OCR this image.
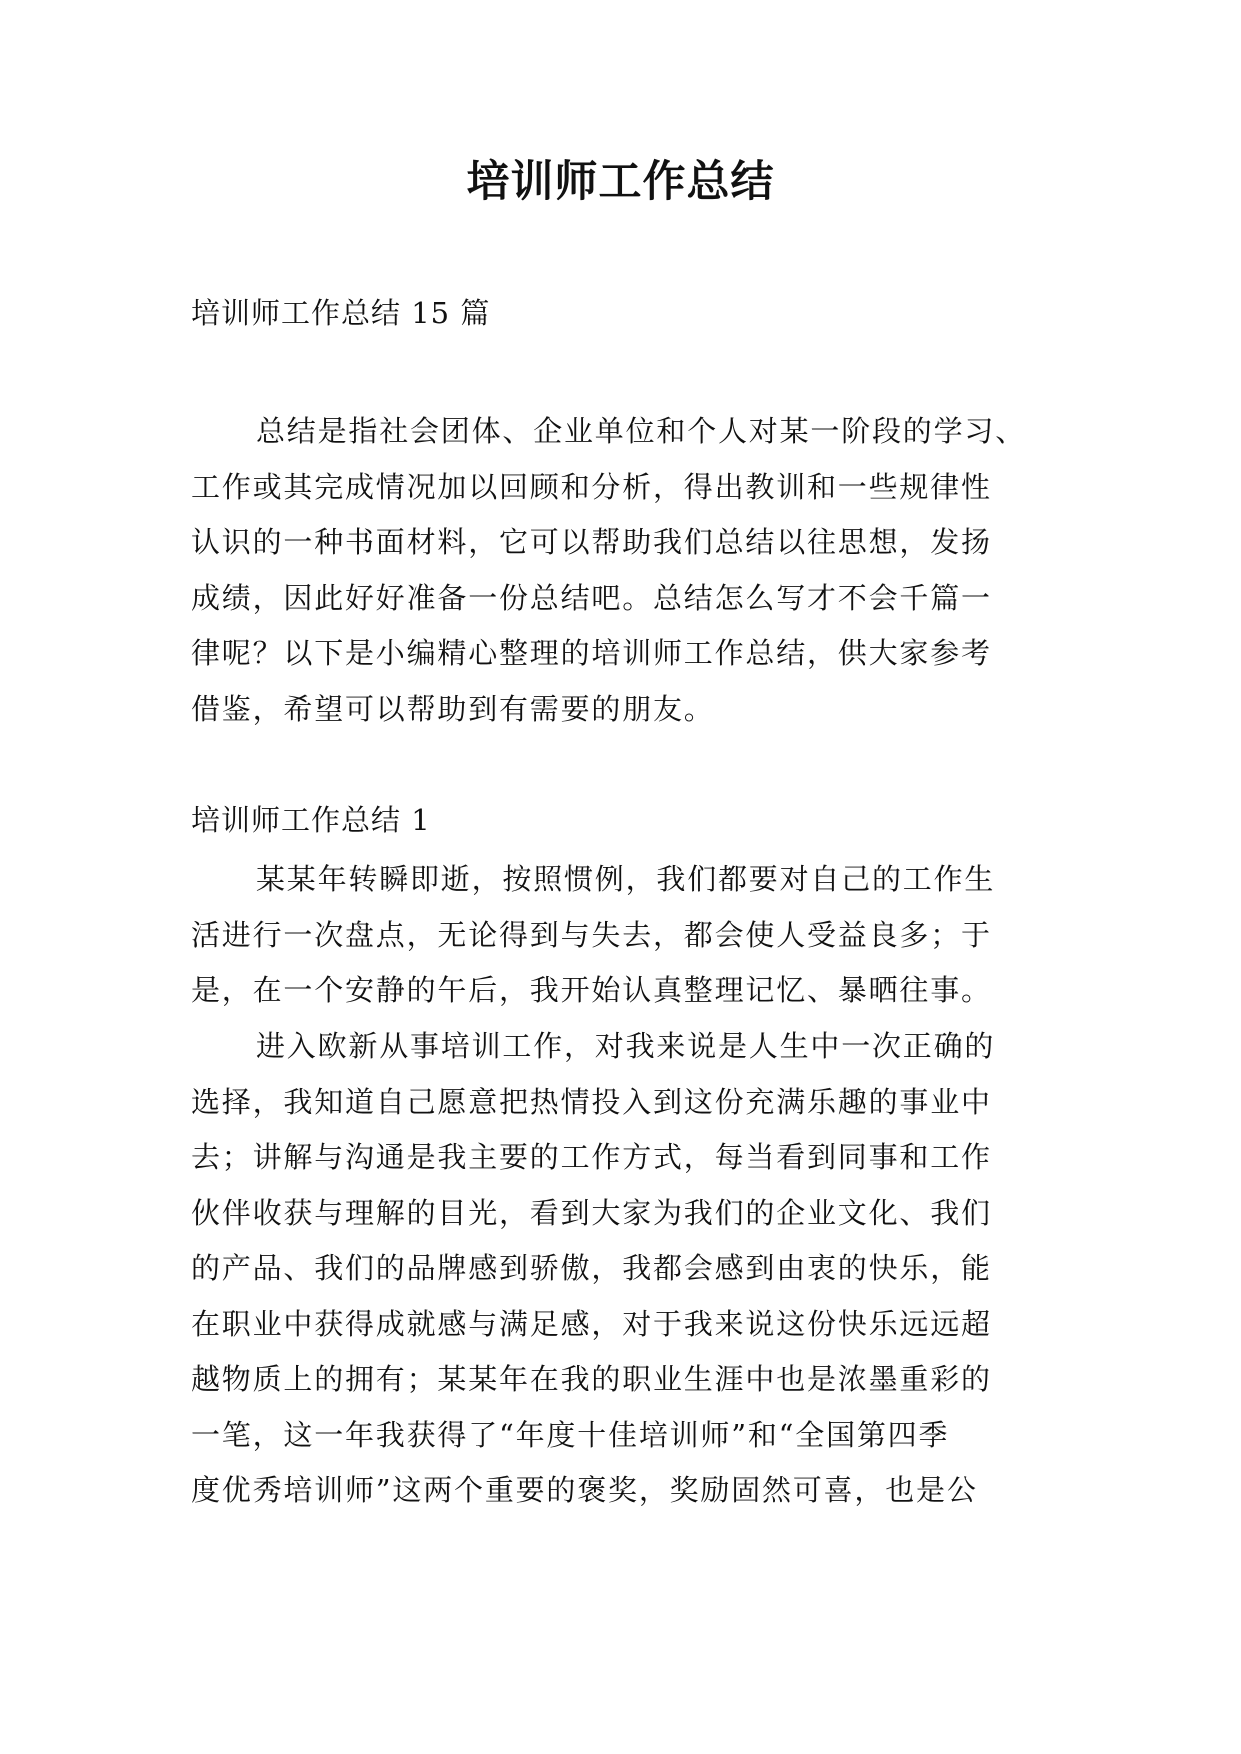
培训师工作总结
培训师工作总结 15 篇
总结是指社会团体、企业单位和个人对某一阶段的学习、
工作或其完成情况加以回顾和分析，得出教训和一些规律性
认识的一种书面材料，它可以帮助我们总结以往思想，发扬
成绩，因此好好准备一份总结吧。总结怎么写才不会千篇一
律呢？以下是小编精心整理的培训师工作总结，供大家参考
借鉴，希望可以帮助到有需要的朋友。
培训师工作总结 1
某某年转瞬即逝，按照惯例，我们都要对自己的工作生
活进行一次盘点，无论得到与失去，都会使人受益良多；于
是，在一个安静的午后，我开始认真整理记忆、暴晒往事。
进入欧新从事培训工作，对我来说是人生中一次正确的
选择，我知道自己愿意把热情投入到这份充满乐趣的事业中
去；讲解与沟通是我主要的工作方式，每当看到同事和工作
伙伴收获与理解的目光，看到大家为我们的企业文化、我们
的产品、我们的品牌感到骄傲，我都会感到由衷的快乐，能
在职业中获得成就感与满足感，对于我来说这份快乐远远超
越物质上的拥有；某某年在我的职业生涯中也是浓墨重彩的
一笔，这一年我获得了“年度十佳培训师”和“全国第四季
度优秀培训师”这两个重要的褒奖，奖励固然可喜，也是公
